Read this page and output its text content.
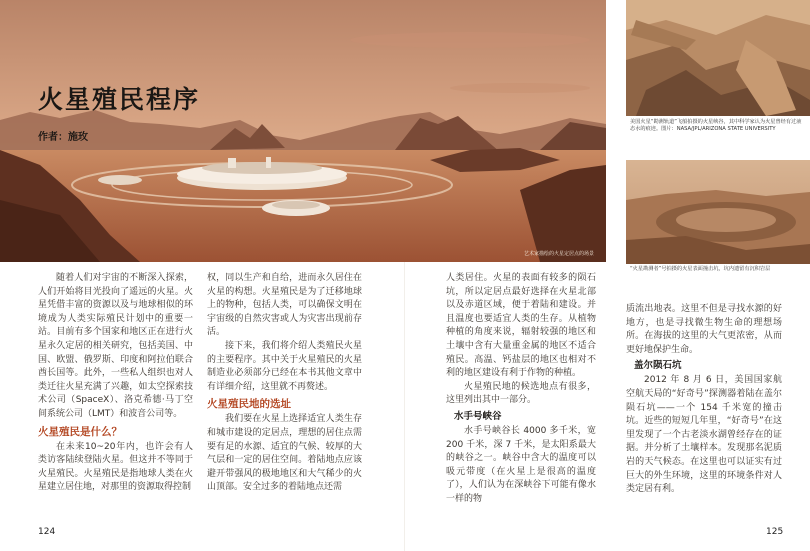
火星殖民程序
作者：施玫
艺术家描绘的火星定居点的场景
美国火星“勘测轨道”飞船拍摄的火星峡谷，其中科学家认为火星曾经有过液态水的痕迹。图片：NASA/JPL/ARIZONA STATE UNIVERSITY
“火星勘测者”号拍摄的火星表面撞击坑，坑内遗留有沉积岩层

随着人们对宇宙的不断深入探索，人们开始将目光投向了遥远的火星。火星凭借丰富的资源以及与地球相似的环境成为人类实际殖民计划中的重要一站。目前有多个国家和地区正在进行火星永久定居的相关研究，包括美国、中国、欧盟、俄罗斯、印度和阿拉伯联合酋长国等。此外，一些私人组织也对人类迁往火星充满了兴趣，如太空探索技术公司（SpaceX）、洛克希德·马丁空间系统公司（LMT）和波音公司等。

火星殖民是什么？

在未来10~20年内，也许会有人类访客陆续登陆火星。但这并不等同于火星殖民。火星殖民是指地球人类在火星建立居住地，对那里的资源取得控制

权，同以生产和自给，进而永久居住在火星的构想。火星殖民是为了迁移地球上的物种，包括人类，可以确保文明在宇宙级的自然灾害或人为灾害出现前存活。

接下来，我们将介绍人类殖民火星的主要程序。其中关于火星殖民的火星制造业必须部分已经在本书其他文章中有详细介绍，这里就不再赘述。

火星殖民地的选址

我们要在火星上选择适宜人类生存和城市建设的定居点，理想的居住点需要有足的水源、适宜的气候、较厚的大气层和一定的居住空间。着陆地点应该避开带强风的极地地区和大气稀少的火山顶部。安全过多的着陆地点还需

人类居住。火星的表面有较多的陨石坑，所以定居点最好选择在火星北部以及赤道区域，便于着陆和建设。并且温度也要适宜人类的生存。从植物种植的角度来说，辐射较强的地区和土壤中含有大量重金属的地区不适合殖民。高温、钙盐层的地区也相对不利的地区建设有利于作物的种植。

火星殖民地的候选地点有很多，这里列出其中一部分。

水手号峡谷

水手号峡谷长 4000 多千米，宽 200 千米，深 7 千米，是太阳系最大的峡谷之一。峡谷中含大的温度可以吸元带度（在火星上是很高的温度了），人们认为在深峡谷下可能有像水一样的物

质流出地表。这里不但是寻找水源的好地方，也是寻找微生物生命的理想场所。在海拔的这里的大气更浓密，从而更好地保护生命。

盖尔陨石坑

2012 年 8 月 6 日，美国国家航空航天局的“好奇号”探测器着陆在盖尔陨石坑——一个 154 千米宽的撞击坑。近些的短短几年里，“好奇号”在这里发现了一个古老淡水湖曾经存在的证据。并分析了土壤样本。发现那名泥质岩的天气候态。在这里也可以证实有过巨大的外生环境，这里的环境条件对人类定居有利。

124	125
